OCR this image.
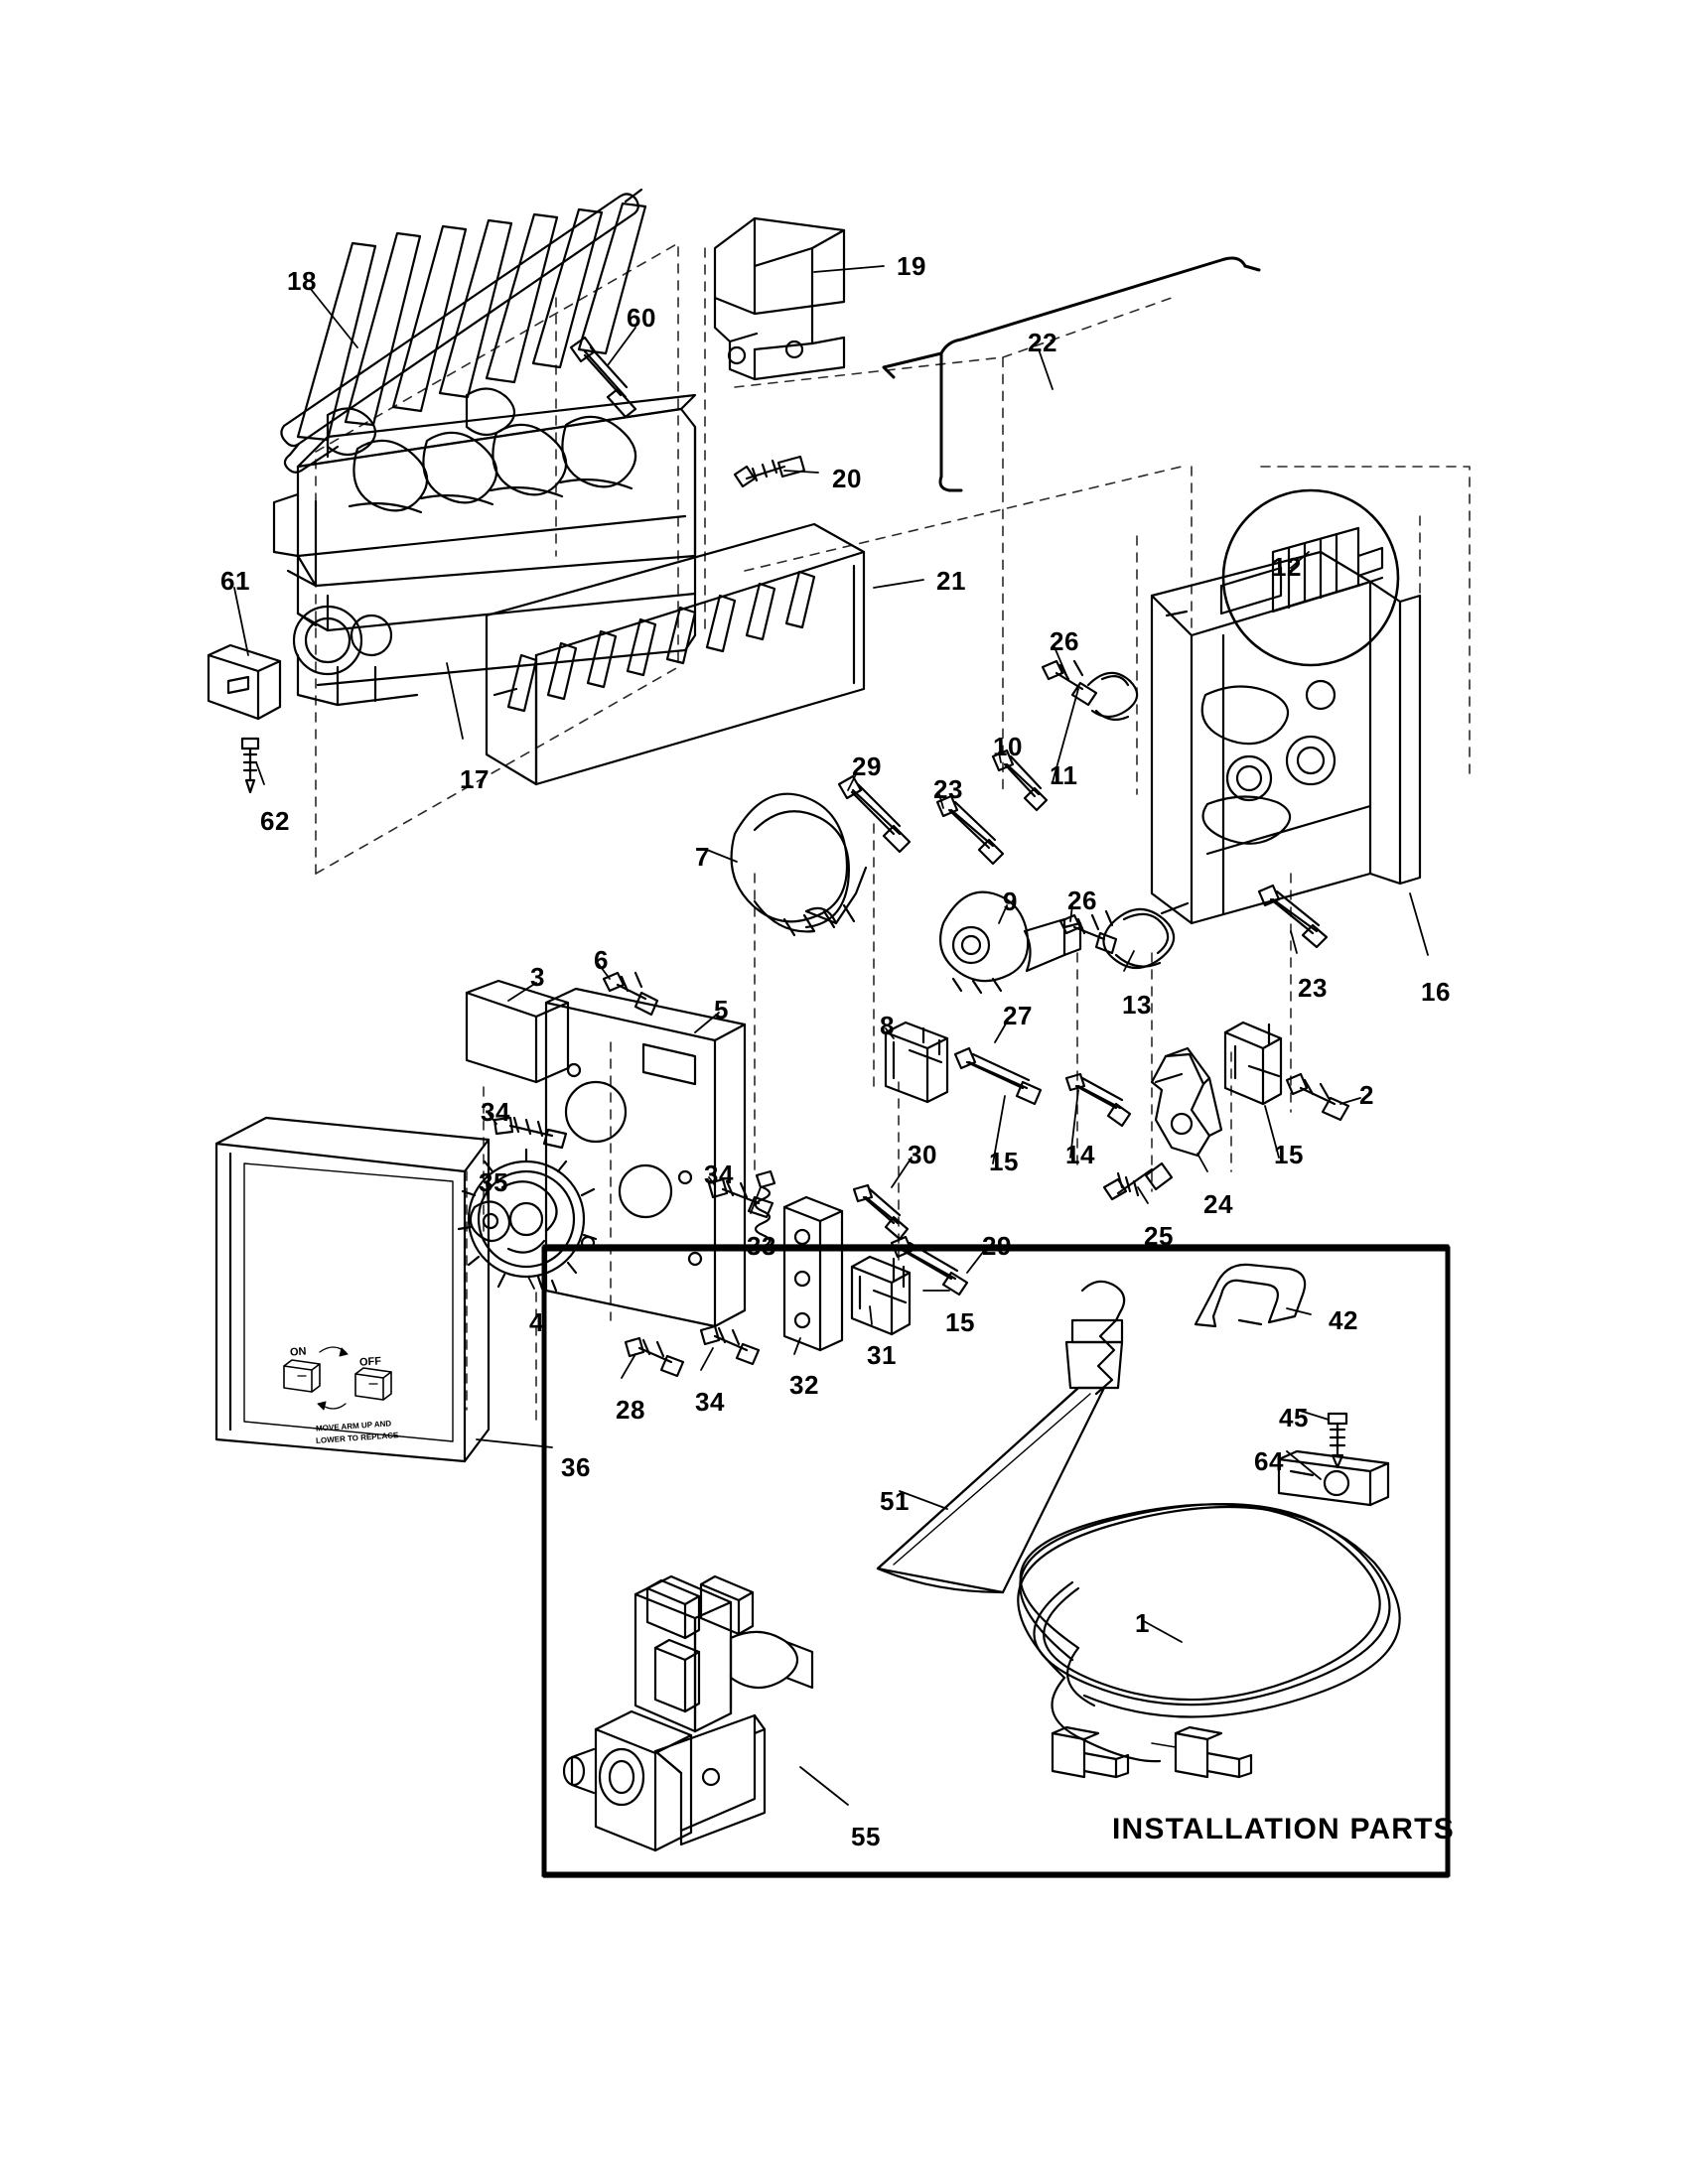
18
60
19
22
20
61	21	12
17
62
26
29
23
10
11
7
9 26
13
23	16
6
3
5
8	27
2
34
35	34
30 15 14	15
33
4
24
25
29
15
31
32
28 34
36
42
45
64
51
1
55	INSTALLATION PARTS
ON
OFF
MOVE ARM UP AND
LOWER TO REPLACE
